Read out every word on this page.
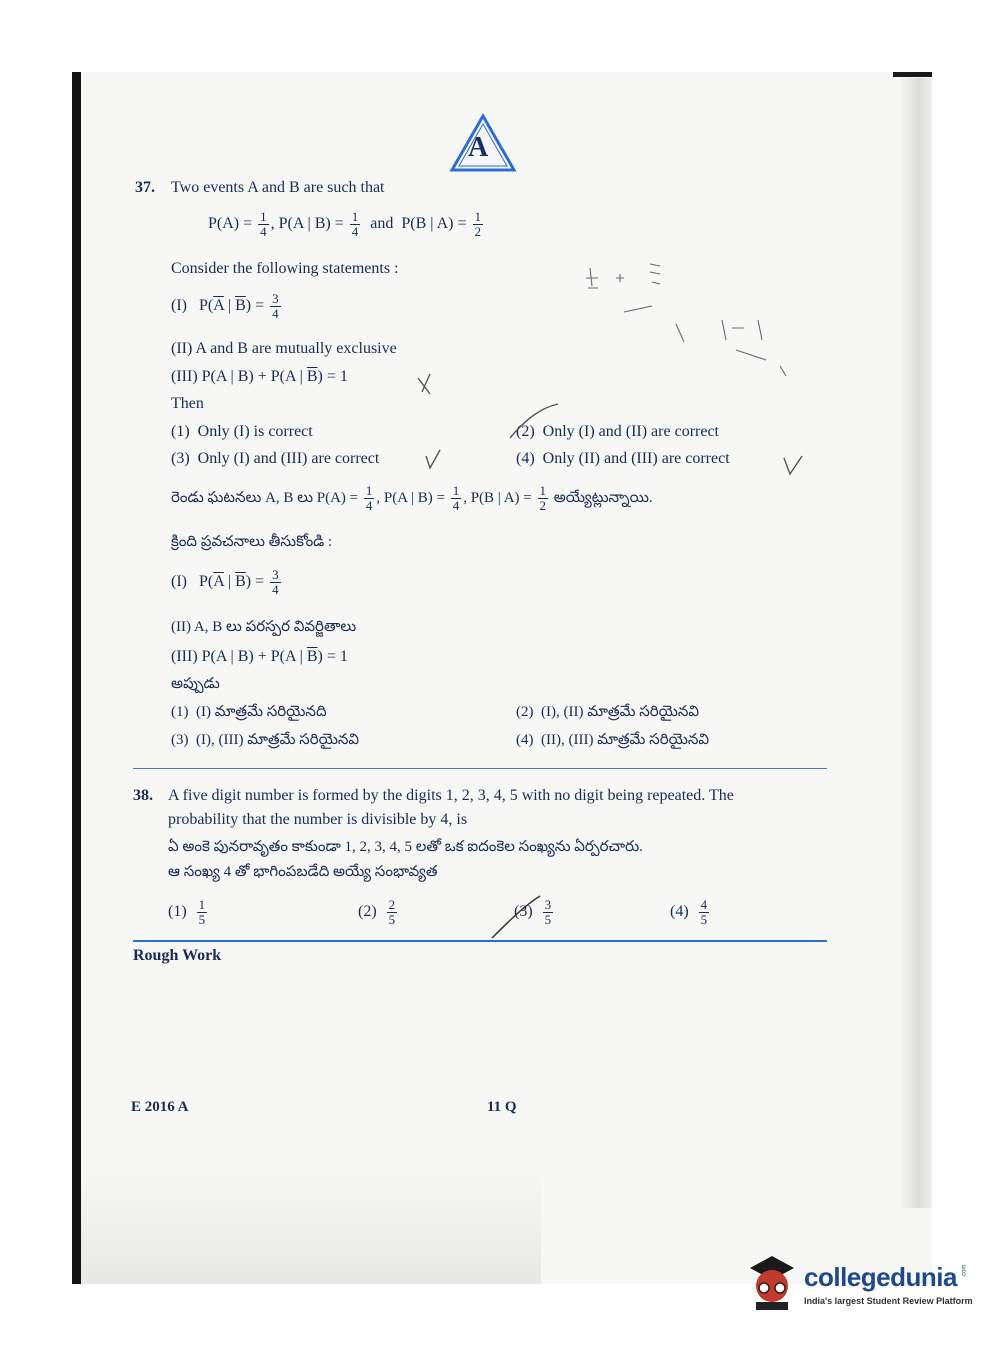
A
37. Two events A and B are such that
$P(A) = \frac{1}{4}$ , P(A | $B) = \frac{1}{4}$ and P(B | $A) = \frac{1}{2}$
Consider the following statements :
(I) $P(\overline{A}$ | $\overline{B}) = \frac{3}{4}$
(II) A and B are mutually exclusive
(III) P(A | B) + P(A | $\overline{B}) = 1$
Then
(1) Only (I) is correct	(2) Only (I) and (II) are correct
(3) Only (I) and (III) are correct	(4) Only (II) and (III) are correct
రెండు ఘటనలు A, B లు $P(A) = \frac{1}{4}$ , P(A | $B) = \frac{1}{4}$ , P(B | $A) = \frac{1}{2}$ అయ్యేట్లున్నాయి.
క్రింది ప్రవచనాలు తీసుకోండి :
(I) $P(\overline{A}$ | $\overline{B}) = \frac{3}{4}$
(II) A, B లు పరస్పర వివర్జితాలు
(III) P(A | B) + P(A | $\overline{B}) = 1$
అప్పుడు
(1) (I) మాత్రమే సరియైనది	(2) (I), (II) మాత్రమే సరియైనవి
(3) (I), (III) మాత్రమే సరియైనవి	(4) (II), (III) మాత్రమే సరియైనవి
38. A five digit number is formed by the digits 1, 2, 3, 4, 5 with no digit being repeated. The
probability that the number is divisible by 4, is
ఏ అంకె పునరావృతం కాకుండా 1, 2, 3, 4, 5 లతో ఒక ఐదంకెల సంఖ్యను ఏర్పరచారు.
ఆ సంఖ్య 4 తో భాగింపబడేది అయ్యే సంభావ్యత
$(1) \frac{1}{5}$	$(2) \frac{2}{5}$	$(3) \frac{3}{5}$	$(4) \frac{4}{5}$
Rough Work
E 2016 A	11 Q
collegedunia
India's largest Student Review Platform
.com
